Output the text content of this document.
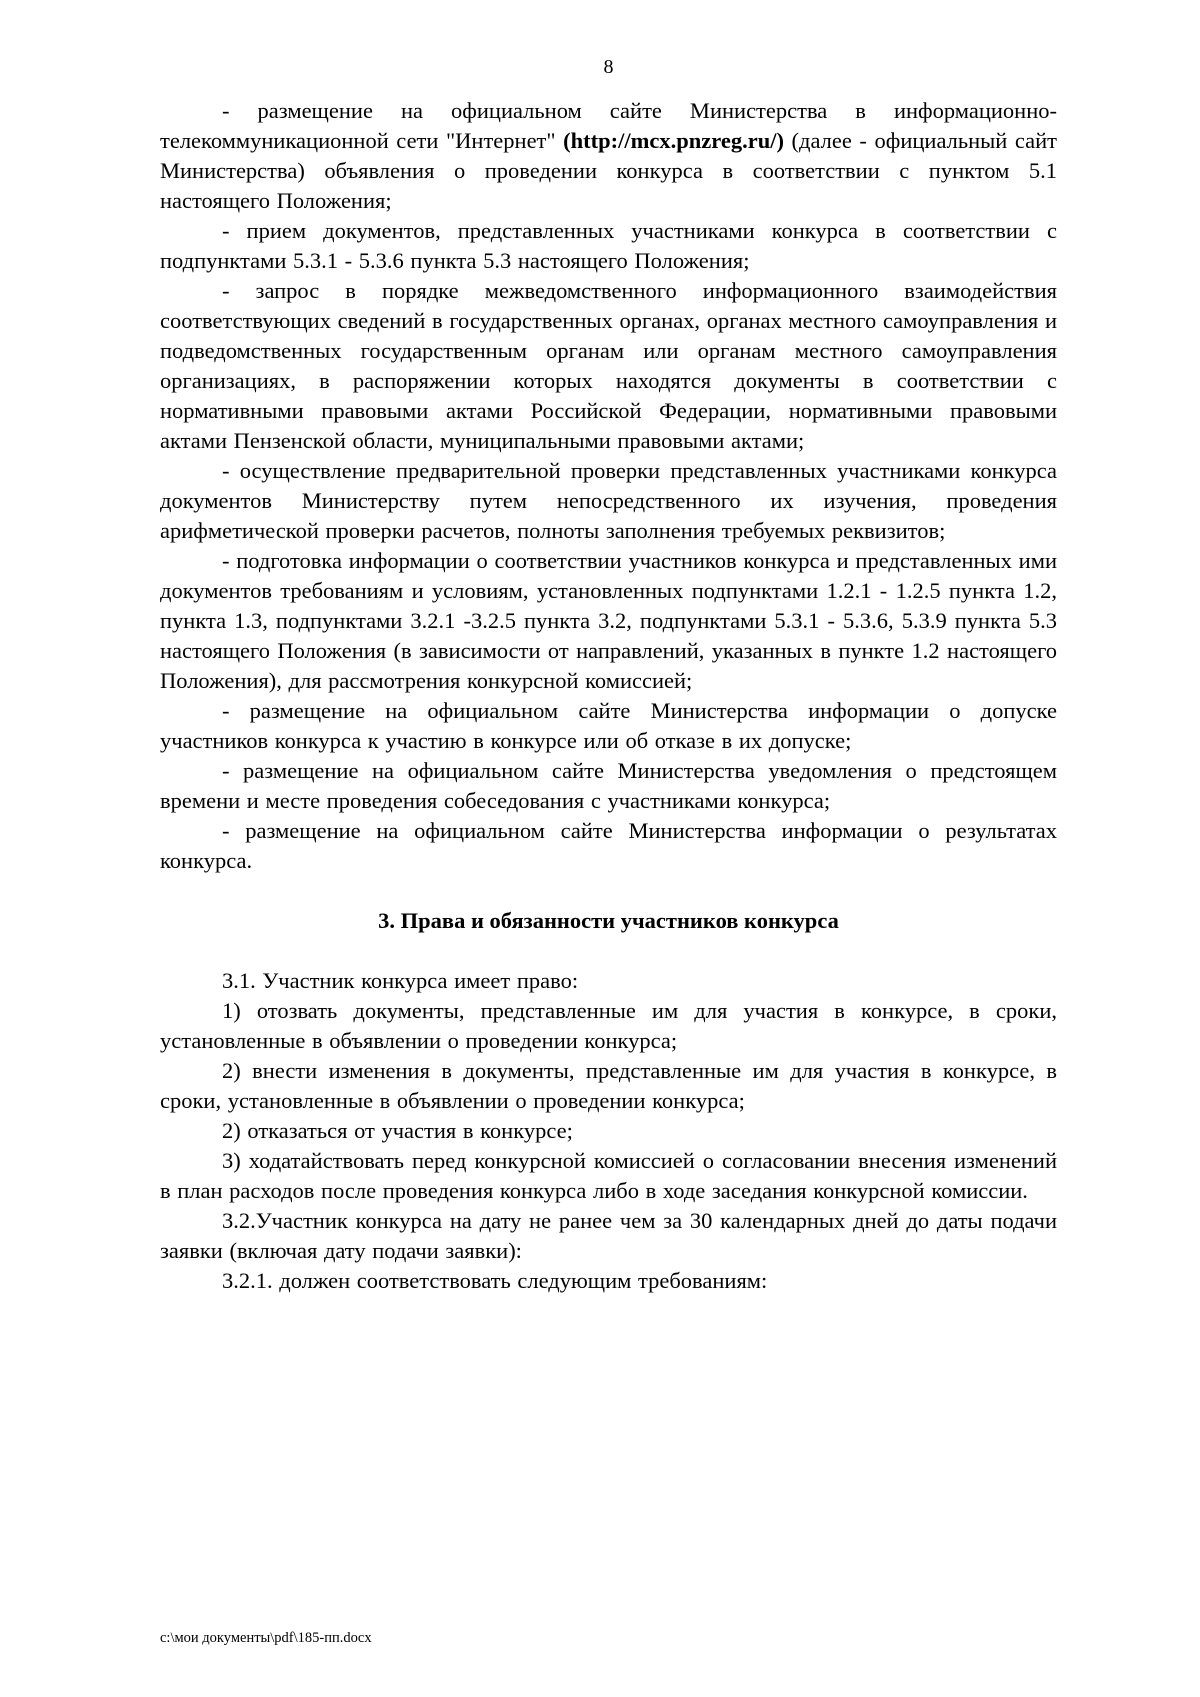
8

- размещение на официальном сайте Министерства в информационно-телекоммуникационной сети "Интернет" (http://mcx.pnzreg.ru/) (далее - официальный сайт Министерства) объявления о проведении конкурса в соответствии с пунктом 5.1 настоящего Положения;

- прием документов, представленных участниками конкурса в соответствии с подпунктами 5.3.1 - 5.3.6 пункта 5.3 настоящего Положения;

- запрос в порядке межведомственного информационного взаимодействия соответствующих сведений в государственных органах, органах местного самоуправления и подведомственных государственным органам или органам местного самоуправления организациях, в распоряжении которых находятся документы в соответствии с нормативными правовыми актами Российской Федерации, нормативными правовыми актами Пензенской области, муниципальными правовыми актами;

- осуществление предварительной проверки представленных участниками конкурса документов Министерству путем непосредственного их изучения, проведения арифметической проверки расчетов, полноты заполнения требуемых реквизитов;

- подготовка информации о соответствии участников конкурса и представленных ими документов требованиям и условиям, установленных подпунктами 1.2.1 - 1.2.5 пункта 1.2, пункта 1.3, подпунктами 3.2.1 -3.2.5 пункта 3.2, подпунктами 5.3.1 - 5.3.6, 5.3.9 пункта 5.3 настоящего Положения (в зависимости от направлений, указанных в пункте 1.2 настоящего Положения), для рассмотрения конкурсной комиссией;

- размещение на официальном сайте Министерства информации о допуске участников конкурса к участию в конкурсе или об отказе в их допуске;

- размещение на официальном сайте Министерства уведомления о предстоящем времени и месте проведения собеседования с участниками конкурса;

- размещение на официальном сайте Министерства информации о результатах конкурса.

3. Права и обязанности участников конкурса

3.1. Участник конкурса имеет право:

1) отозвать документы, представленные им для участия в конкурсе, в сроки, установленные в объявлении о проведении конкурса;

2) внести изменения в документы, представленные им для участия в конкурсе, в сроки, установленные в объявлении о проведении конкурса;

2) отказаться от участия в конкурсе;

3) ходатайствовать перед конкурсной комиссией о согласовании внесения изменений в план расходов после проведения конкурса либо в ходе заседания конкурсной комиссии.

3.2.Участник конкурса на дату не ранее чем за 30 календарных дней до даты подачи заявки (включая дату подачи заявки):

3.2.1. должен соответствовать следующим требованиям:

c:\мои документы\pdf\185-пп.docx
